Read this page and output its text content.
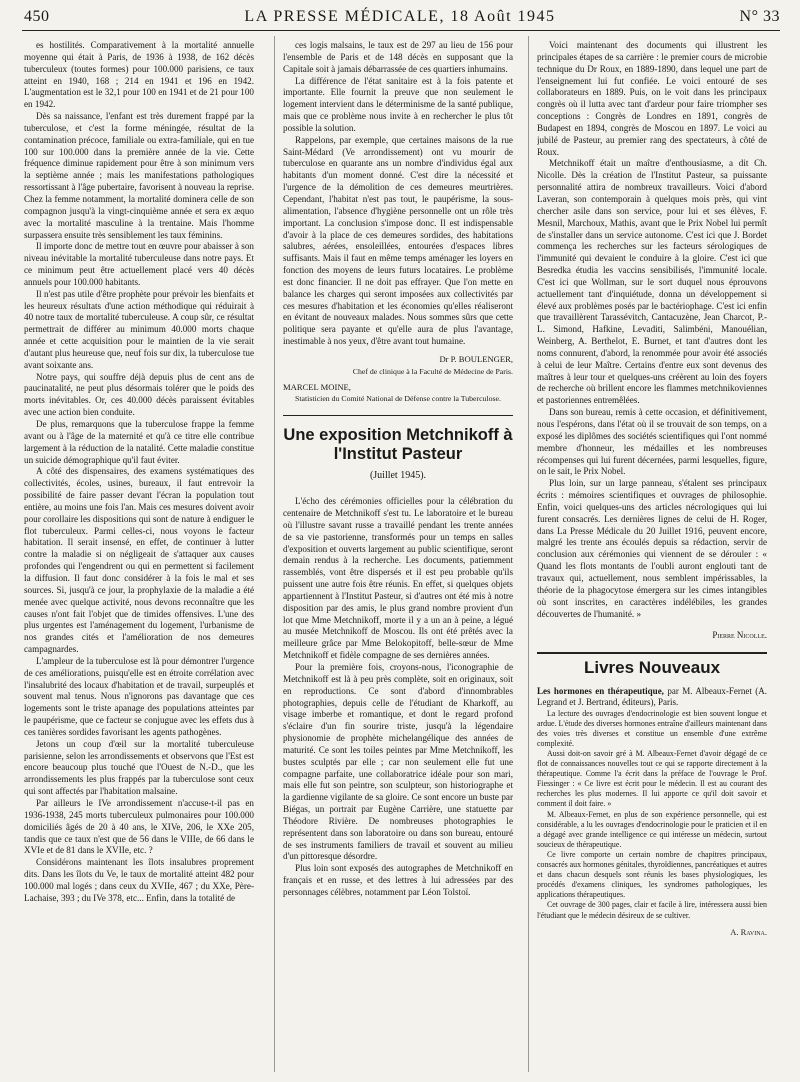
450	LA PRESSE MÉDICALE, 18 Août 1945	N° 33

es hostilités. Comparativement à la mortalité annuelle moyenne qui était à Paris, de 1936 à 1938, de 162 décès tuberculeux (toutes formes) pour 100.000 parisiens, ce taux atteint en 1940, 168 ; 214 en 1941 et 196 en 1942. L'augmentation est le 32,1 pour 100 en 1941 et de 21 pour 100 en 1942.

Dès sa naissance, l'enfant est très durement frappé par la tuberculose, et c'est la forme méningée, résultat de la contamination précoce, familiale ou extra-familiale, qui en tue 100 sur 100.000 dans la première année de la vie. Cette fréquence diminue rapidement pour être à son minimum vers la septième année ; mais les manifestations pathologiques ressortissant à l'âge pubertaire, favorisent à nouveau la reprise. Chez la femme notamment, la mortalité dominera celle de son compagnon jusqu'à la vingt-cinquième année et sera ex æquo avec la mortalité masculine à la trentaine. Mais l'homme surpassera ensuite très sensiblement les taux féminins.

Il importe donc de mettre tout en œuvre pour abaisser à son niveau inévitable la mortalité tuberculeuse dans notre pays. Et ce minimum peut être actuellement placé vers 40 décès annuels pour 100.000 habitants.

Il n'est pas utile d'être prophète pour prévoir les bienfaits et les heureux résultats d'une action méthodique qui réduirait à 40 notre taux de mortalité tuberculeuse. A coup sûr, ce résultat permettrait de différer au minimum 40.000 morts chaque année et cette acquisition pour le maintien de la vie serait d'autant plus heureuse que, neuf fois sur dix, la tuberculose tue avant soixante ans.

Notre pays, qui souffre déjà depuis plus de cent ans de paucinatalité, ne peut plus désormais tolérer que le poids des morts inévitables. Or, ces 40.000 décès paraissent évitables avec une action bien conduite.

De plus, remarquons que la tuberculose frappe la femme avant ou à l'âge de la maternité et qu'à ce titre elle contribue largement à la réduction de la natalité. Cette maladie constitue un suicide démographique qu'il faut éviter.

A côté des dispensaires, des examens systématiques des collectivités, écoles, usines, bureaux, il faut entrevoir la possibilité de faire passer devant l'écran la population tout entière, au moins une fois l'an. Mais ces mesures doivent avoir pour corollaire les dispositions qui sont de nature à endiguer le flot tuberculeux. Parmi celles-ci, nous voyons le facteur habitation. Il serait insensé, en effet, de continuer à lutter contre la maladie si on négligeait de s'attaquer aux causes profondes qui l'engendrent ou qui en permettent si facilement la diffusion. Il faut donc considérer à la fois le mal et ses sources. Si, jusqu'à ce jour, la prophylaxie de la maladie a été menée avec quelque activité, nous devons reconnaître que les causes n'ont fait l'objet que de timides offensives. L'une des plus urgentes est l'aménagement du logement, l'urbanisme de nos grandes cités et l'amélioration de nos demeures campagnardes.

L'ampleur de la tuberculose est là pour démontrer l'urgence de ces améliorations, puisqu'elle est en étroite corrélation avec l'insalubrité des locaux d'habitation et de travail, surpeuplés et souvent mal tenus. Nous n'ignorons pas davantage que ces logements sont le triste apanage des populations atteintes par le paupérisme, que ce facteur se conjugue avec les effets dus à ces tanières sordides favorisant les agents pathogènes.

Jetons un coup d'œil sur la mortalité tuberculeuse parisienne, selon les arrondissements et observons que l'Est est encore beaucoup plus touché que l'Ouest de N.-D., que les arrondissements les plus frappés par la tuberculose sont ceux qui sont affectés par l'habitation malsaine.

Par ailleurs le IVe arrondissement n'accuse-t-il pas en 1936-1938, 245 morts tuberculeux pulmonaires pour 100.000 domiciliés âgés de 20 à 40 ans, le XIVe, 206, le XXe 205, tandis que ce taux n'est que de 56 dans le VIIIe, de 66 dans le XVIe et de 81 dans le XVIIe, etc. ?

Considérons maintenant les îlots insalubres proprement dits. Dans les îlots du Ve, le taux de mortalité atteint 482 pour 100.000 mal logés ; dans ceux du XVIIe, 467 ; du XXe, Père-Lachaise, 393 ; du IVe 378, etc... Enfin, dans la totalité de

ces logis malsains, le taux est de 297 au lieu de 156 pour l'ensemble de Paris et de 148 décès en supposant que la Capitale soit à jamais débarrassée de ces quartiers inhumains.

La différence de l'état sanitaire est à la fois patente et importante. Elle fournit la preuve que non seulement le logement intervient dans le déterminisme de la santé publique, mais que ce problème nous invite à en rechercher le plus tôt possible la solution.

Rappelons, par exemple, que certaines maisons de la rue Saint-Médard (Ve arrondissement) ont vu mourir de tuberculose en quarante ans un nombre d'individus égal aux habitants d'un moment donné. C'est dire la nécessité et l'urgence de la démolition de ces demeures meurtrières. Cependant, l'habitat n'est pas tout, le paupérisme, la sous-alimentation, l'absence d'hygiène personnelle ont un rôle très important. La conclusion s'impose donc. Il est indispensable d'avoir à la place de ces demeures sordides, des habitations salubres, aérées, ensoleillées, entourées d'espaces libres suffisants. Mais il faut en même temps aménager les loyers en fonction des moyens de leurs futurs locataires. Le problème est donc financier. Il ne doit pas effrayer. Que l'on mette en balance les charges qui seront imposées aux collectivités par ces mesures d'habitation et les économies qu'elles réaliseront en évitant de nouveaux malades. Nous sommes sûrs que cette politique sera payante et qu'elle aura de plus l'avantage, inestimable à nos yeux, d'être avant tout humaine.

Dr P. BOULENGER,
Chef de clinique à la Faculté de Médecine de Paris.
MARCEL MOINE,
Statisticien du Comité National de Défense contre la Tuberculose.
Une exposition Metchnikoff à l'Institut Pasteur
(Juillet 1945).

L'écho des cérémonies officielles pour la célébration du centenaire de Metchnikoff s'est tu. Le laboratoire et le bureau où l'illustre savant russe a travaillé pendant les trente années de sa vie pastorienne, transformés pour un temps en salles d'exposition et ouverts largement au public scientifique, seront demain rendus à la recherche. Les documents, patiemment rassemblés, vont être dispersés et il est peu probable qu'ils puissent une autre fois être réunis. En effet, si quelques objets appartiennent à l'Institut Pasteur, si d'autres ont été mis à notre disposition par des amis, le plus grand nombre provient d'un lot que Mme Metchnikoff, morte il y a un an à peine, a légué au musée Metchnikoff de Moscou. Ils ont été prêtés avec la meilleure grâce par Mme Belokopitoff, belle-sœur de Mme Metchnikoff et fidèle compagne de ses dernières années.

Pour la première fois, croyons-nous, l'iconographie de Metchnikoff est là à peu près complète, soit en originaux, soit en reproductions. Ce sont d'abord d'innombrables photographies, depuis celle de l'étudiant de Kharkoff, au visage imberbe et romantique, et dont le regard profond s'éclaire d'un fin sourire triste, jusqu'à la légendaire physionomie de prophète michelangélique des années de maturité. Ce sont les toiles peintes par Mme Metchnikoff, les bustes sculptés par elle ; car non seulement elle fut une compagne parfaite, une collaboratrice idéale pour son mari, mais elle fut son peintre, son sculpteur, son historiographe et la gardienne vigilante de sa gloire. Ce sont encore un buste par Biégas, un portrait par Eugène Carrière, une statuette par Théodore Rivière. De nombreuses photographies le représentent dans son laboratoire ou dans son bureau, entouré de ses instruments familiers de travail et souvent au milieu d'un pittoresque désordre.

Plus loin sont exposés des autographes de Metchnikoff en français et en russe, et des lettres à lui adressées par des personnages célèbres, notamment par Léon Tolstoï.

Voici maintenant des documents qui illustrent les principales étapes de sa carrière : le premier cours de microbie technique du Dr Roux, en 1889-1890, dans lequel une part de l'enseignement lui fut confiée. Le voici entouré de ses collaborateurs en 1889. Puis, on le voit dans les principaux congrès où il lutta avec tant d'ardeur pour faire triompher ses conceptions : Congrès de Londres en 1891, congrès de Budapest en 1894, congrès de Moscou en 1897. Le voici au jubilé de Pasteur, au premier rang des spectateurs, à côté de Roux.

Metchnikoff était un maître d'enthousiasme, a dit Ch. Nicolle. Dès la création de l'Institut Pasteur, sa puissante personnalité attira de nombreux travailleurs. Voici d'abord Laveran, son contemporain à quelques mois près, qui vint chercher asile dans son service, pour lui et ses élèves, F. Mesnil, Marchoux, Mathis, avant que le Prix Nobel lui permît de s'installer dans un service autonome. C'est ici que J. Bordet commença les recherches sur les facteurs sérologiques de l'immunité qui devaient le conduire à la gloire. C'est ici que Besredka étudia les vaccins sensibilisés, l'immunité locale. C'est ici que Wollman, sur le sort duquel nous éprouvons actuellement tant d'inquiétude, donna un développement si élevé aux problèmes posés par le bactériophage. C'est ici enfin que travaillèrent Tarassévitch, Cantacuzène, Jean Charcot, P.-L. Simond, Hafkine, Levaditi, Salimbéni, Manouélian, Weinberg, A. Berthelot, E. Burnet, et tant d'autres dont les noms connurent, d'abord, la renommée pour avoir été associés à celui de leur Maître. Certains d'entre eux sont devenus des maîtres à leur tour et quelques-uns créèrent au loin des foyers de recherche où brillent encore les flammes metchnikoviennes et pastoriennes entremêlées.

Dans son bureau, remis à cette occasion, et définitivement, nous l'espérons, dans l'état où il se trouvait de son temps, on a exposé les diplômes des sociétés scientifiques qui l'ont nommé membre d'honneur, les médailles et les nombreuses récompenses qui lui furent décernées, parmi lesquelles, figure, on le sait, le Prix Nobel.

Plus loin, sur un large panneau, s'étalent ses principaux écrits : mémoires scientifiques et ouvrages de philosophie. Enfin, voici quelques-uns des articles nécrologiques qui lui furent consacrés. Les dernières lignes de celui de H. Roger, dans La Presse Médicale du 20 Juillet 1916, peuvent encore, malgré les trente ans écoulés depuis sa rédaction, servir de conclusion aux cérémonies qui viennent de se dérouler : « Quand les flots montants de l'oubli auront englouti tant de travaux qui, actuellement, nous semblent impérissables, la théorie de la phagocytose émergera sur les cimes intangibles où sont inscrites, en caractères indélébiles, les grandes découvertes de l'humanité. »

Pierre Nicolle.
Livres Nouveaux

Les hormones en thérapeutique, par M. Albeaux-Fernet (A. Legrand et J. Bertrand, éditeurs), Paris.

La lecture des ouvrages d'endocrinologie est bien souvent longue et ardue. L'étude des diverses hormones entraîne d'ailleurs maintenant dans des voies très diverses et constitue un ensemble d'une extrême complexité.

Aussi doit-on savoir gré à M. Albeaux-Fernet d'avoir dégagé de ce flot de connaissances nouvelles tout ce qui se rapporte directement à la thérapeutique. Comme l'a écrit dans la préface de l'ouvrage le Prof. Fiessinger : « Ce livre est écrit pour le médecin. Il est au courant des recherches les plus modernes. Il lui apporte ce qu'il doit savoir et comment il doit faire. »

M. Albeaux-Fernet, en plus de son expérience personnelle, qui est considérable, a lu les ouvrages d'endocrinologie pour le praticien et il en a dégagé avec grande intelligence ce qui intéresse un médecin, surtout soucieux de thérapeutique.

Ce livre comporte un certain nombre de chapitres principaux, consacrés aux hormones génitales, thyroïdiennes, pancréatiques et autres et dans chacun desquels sont réunis les bases physiologiques, les procédés d'examens cliniques, les syndromes pathologiques, les applications thérapeutiques.

Cet ouvrage de 300 pages, clair et facile à lire, intéressera aussi bien l'étudiant que le médecin désireux de se cultiver.

A. Ravina.
